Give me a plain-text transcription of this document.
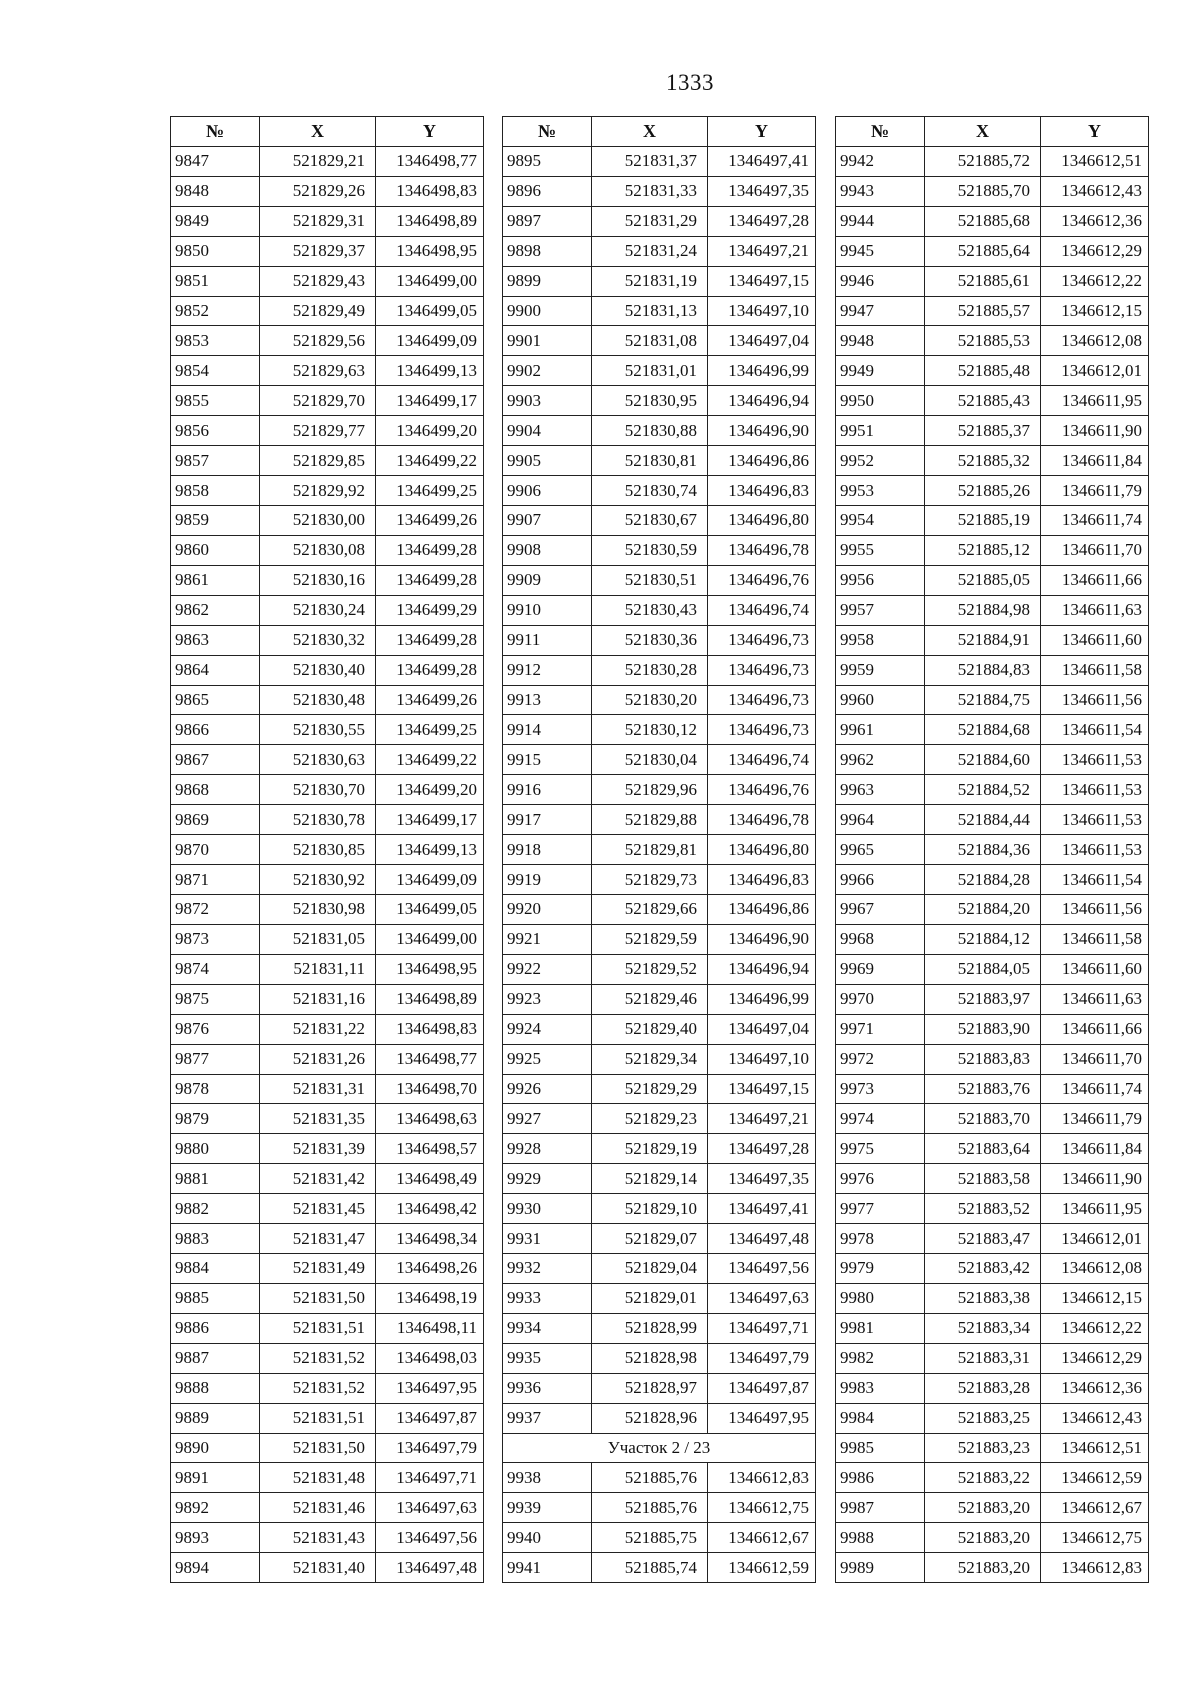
1333
№	X	Y
9847	521829,21	1346498,77
9848	521829,26	1346498,83
9849	521829,31	1346498,89
9850	521829,37	1346498,95
9851	521829,43	1346499,00
9852	521829,49	1346499,05
9853	521829,56	1346499,09
9854	521829,63	1346499,13
9855	521829,70	1346499,17
9856	521829,77	1346499,20
9857	521829,85	1346499,22
9858	521829,92	1346499,25
9859	521830,00	1346499,26
9860	521830,08	1346499,28
9861	521830,16	1346499,28
9862	521830,24	1346499,29
9863	521830,32	1346499,28
9864	521830,40	1346499,28
9865	521830,48	1346499,26
9866	521830,55	1346499,25
9867	521830,63	1346499,22
9868	521830,70	1346499,20
9869	521830,78	1346499,17
9870	521830,85	1346499,13
9871	521830,92	1346499,09
9872	521830,98	1346499,05
9873	521831,05	1346499,00
9874	521831,11	1346498,95
9875	521831,16	1346498,89
9876	521831,22	1346498,83
9877	521831,26	1346498,77
9878	521831,31	1346498,70
9879	521831,35	1346498,63
9880	521831,39	1346498,57
9881	521831,42	1346498,49
9882	521831,45	1346498,42
9883	521831,47	1346498,34
9884	521831,49	1346498,26
9885	521831,50	1346498,19
9886	521831,51	1346498,11
9887	521831,52	1346498,03
9888	521831,52	1346497,95
9889	521831,51	1346497,87
9890	521831,50	1346497,79
9891	521831,48	1346497,71
9892	521831,46	1346497,63
9893	521831,43	1346497,56
9894	521831,40	1346497,48
№	X	Y
9895	521831,37	1346497,41
9896	521831,33	1346497,35
9897	521831,29	1346497,28
9898	521831,24	1346497,21
9899	521831,19	1346497,15
9900	521831,13	1346497,10
9901	521831,08	1346497,04
9902	521831,01	1346496,99
9903	521830,95	1346496,94
9904	521830,88	1346496,90
9905	521830,81	1346496,86
9906	521830,74	1346496,83
9907	521830,67	1346496,80
9908	521830,59	1346496,78
9909	521830,51	1346496,76
9910	521830,43	1346496,74
9911	521830,36	1346496,73
9912	521830,28	1346496,73
9913	521830,20	1346496,73
9914	521830,12	1346496,73
9915	521830,04	1346496,74
9916	521829,96	1346496,76
9917	521829,88	1346496,78
9918	521829,81	1346496,80
9919	521829,73	1346496,83
9920	521829,66	1346496,86
9921	521829,59	1346496,90
9922	521829,52	1346496,94
9923	521829,46	1346496,99
9924	521829,40	1346497,04
9925	521829,34	1346497,10
9926	521829,29	1346497,15
9927	521829,23	1346497,21
9928	521829,19	1346497,28
9929	521829,14	1346497,35
9930	521829,10	1346497,41
9931	521829,07	1346497,48
9932	521829,04	1346497,56
9933	521829,01	1346497,63
9934	521828,99	1346497,71
9935	521828,98	1346497,79
9936	521828,97	1346497,87
9937	521828,96	1346497,95
Участок 2 / 23		
9938	521885,76	1346612,83
9939	521885,76	1346612,75
9940	521885,75	1346612,67
9941	521885,74	1346612,59
№	X	Y
9942	521885,72	1346612,51
9943	521885,70	1346612,43
9944	521885,68	1346612,36
9945	521885,64	1346612,29
9946	521885,61	1346612,22
9947	521885,57	1346612,15
9948	521885,53	1346612,08
9949	521885,48	1346612,01
9950	521885,43	1346611,95
9951	521885,37	1346611,90
9952	521885,32	1346611,84
9953	521885,26	1346611,79
9954	521885,19	1346611,74
9955	521885,12	1346611,70
9956	521885,05	1346611,66
9957	521884,98	1346611,63
9958	521884,91	1346611,60
9959	521884,83	1346611,58
9960	521884,75	1346611,56
9961	521884,68	1346611,54
9962	521884,60	1346611,53
9963	521884,52	1346611,53
9964	521884,44	1346611,53
9965	521884,36	1346611,53
9966	521884,28	1346611,54
9967	521884,20	1346611,56
9968	521884,12	1346611,58
9969	521884,05	1346611,60
9970	521883,97	1346611,63
9971	521883,90	1346611,66
9972	521883,83	1346611,70
9973	521883,76	1346611,74
9974	521883,70	1346611,79
9975	521883,64	1346611,84
9976	521883,58	1346611,90
9977	521883,52	1346611,95
9978	521883,47	1346612,01
9979	521883,42	1346612,08
9980	521883,38	1346612,15
9981	521883,34	1346612,22
9982	521883,31	1346612,29
9983	521883,28	1346612,36
9984	521883,25	1346612,43
9985	521883,23	1346612,51
9986	521883,22	1346612,59
9987	521883,20	1346612,67
9988	521883,20	1346612,75
9989	521883,20	1346612,83
